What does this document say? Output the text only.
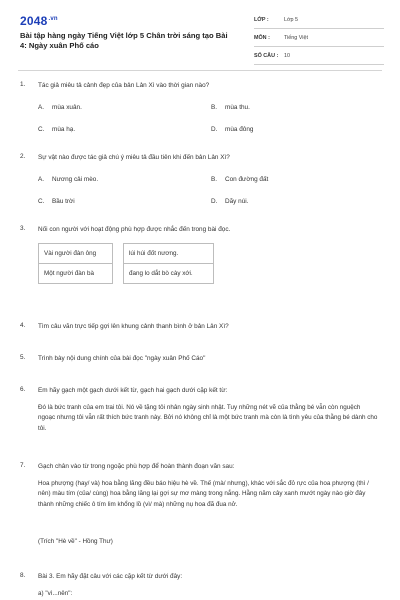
$2048^{.vn}$
Bài tập hàng ngày Tiếng Việt lớp 5 Chân trời sáng tạo Bài 4: Ngày xuân Phố cáo
LỚP :	Lớp 5
MÔN :	Tiếng Việt
SỐ CÂU : 10
1. Tác giả miêu tả cảnh đẹp của bản Lản Xì vào thời gian nào?
A. mùa xuân.	B. mùa thu.
C. mùa hạ.	D. mùa đông
2. Sự vật nào được tác giả chú ý miêu tả đầu tiên khi đến bản Lản Xì?
A. Nương cải mèo.	B. Con đường đất
C. Bầu trời	D. Dãy núi.
3. Nối con người với hoạt động phù hợp được nhắc đến trong bài đọc.
Vài người đàn ông		lúi húi đốt nương.
Một người đàn bà		đang lo dắt bò cày xới.
4. Tìm câu văn trực tiếp gợi lên khung cảnh thanh bình ở bản Lản Xì?
5. Trình bày nội dung chính của bài đọc "ngày xuân Phố Cáo"
6. Em hãy gạch một gạch dưới kết từ, gạch hai gạch dưới cặp kết từ:
Đó là bức tranh của em trai tôi. Nó về tặng tôi nhân ngày sinh nhật. Tuy những nét vẽ của thằng bé vẫn còn nguệch ngoạc nhưng tôi vẫn rất thích bức tranh này. Bởi nó không chỉ là một bức tranh mà còn là tình yêu của thằng bé dành cho tôi.
7. Gạch chân vào từ trong ngoặc phù hợp để hoàn thành đoạn văn sau:
Hoa phượng (hay/ và) hoa bằng lăng đều báo hiệu hè về. Thế (mà/ nhưng), khác với sắc đỏ rực của hoa phượng (thì / nên) màu tím (của/ cùng) hoa bằng lăng lại gợi sự mơ màng trong nắng. Hằng năm cây xanh mướt ngày nào giờ đây thành những chiếc ô tím lim khổng lồ (vì/ mà) những nụ hoa đã đua nở.
(Trích "Hè về" - Hồng Thư)
8. Bài 3. Em hãy đặt câu với các cặp kết từ dưới đây:
a) "vì...nên":
